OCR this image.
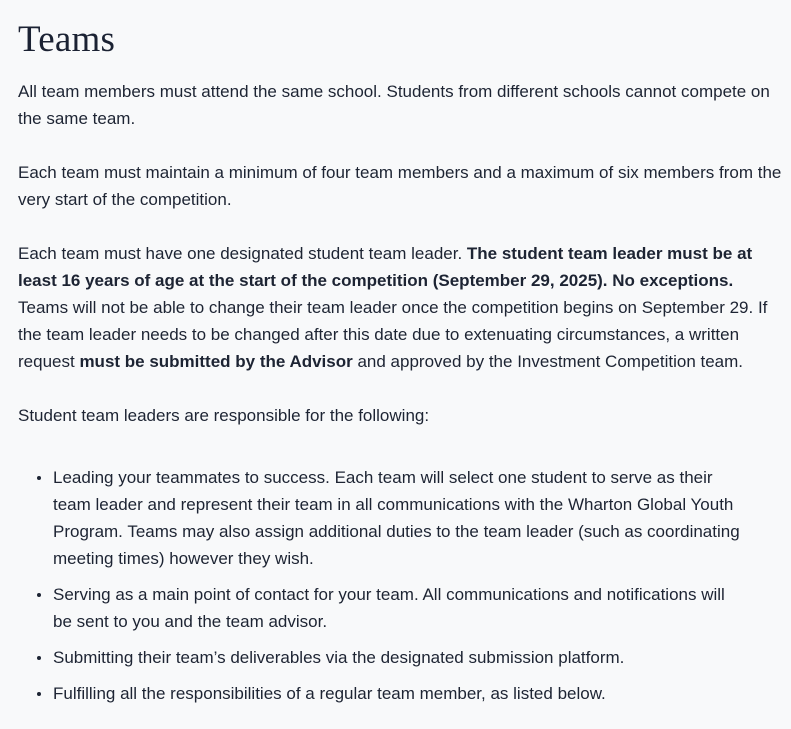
Teams

All team members must attend the same school. Students from different schools cannot compete on the same team.

Each team must maintain a minimum of four team members and a maximum of six members from the very start of the competition.

Each team must have one designated student team leader. The student team leader must be at least 16 years of age at the start of the competition (September 29, 2025). No exceptions. Teams will not be able to change their team leader once the competition begins on September 29. If the team leader needs to be changed after this date due to extenuating circumstances, a written request must be submitted by the Advisor and approved by the Investment Competition team.

Student team leaders are responsible for the following:

Leading your teammates to success. Each team will select one student to serve as their team leader and represent their team in all communications with the Wharton Global Youth Program. Teams may also assign additional duties to the team leader (such as coordinating meeting times) however they wish.
Serving as a main point of contact for your team. All communications and notifications will be sent to you and the team advisor.
Submitting their team’s deliverables via the designated submission platform.
Fulfilling all the responsibilities of a regular team member, as listed below.
